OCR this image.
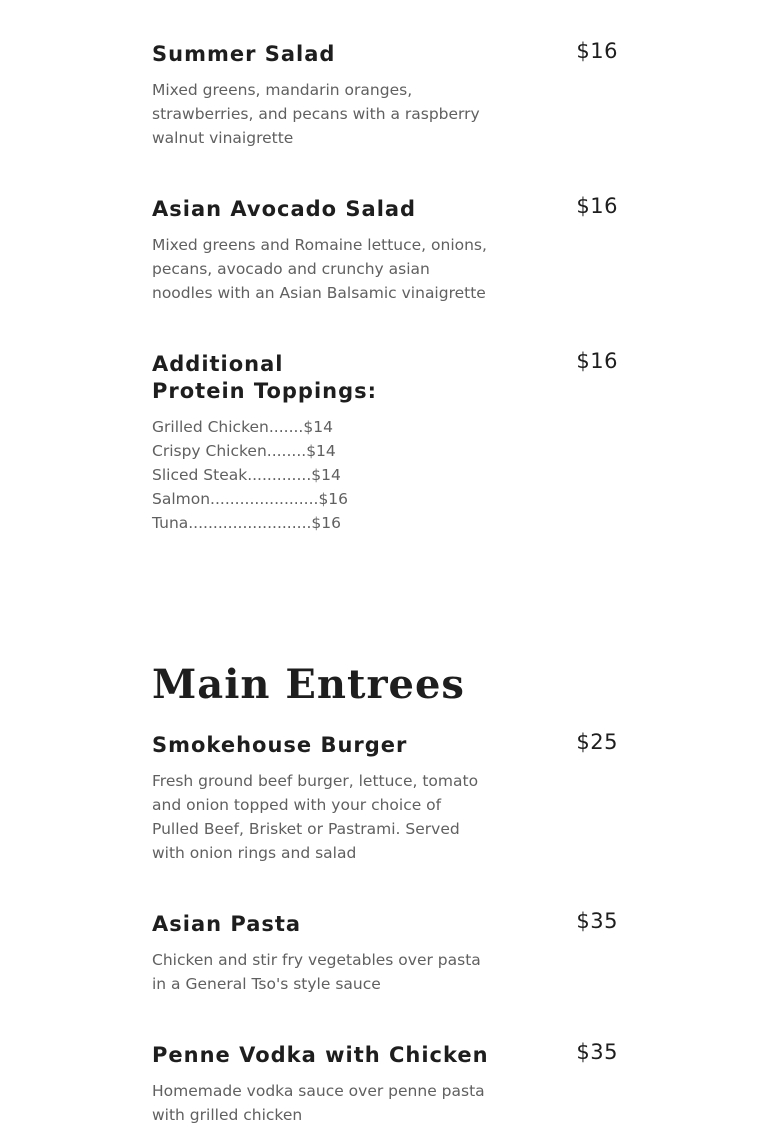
Summer Salad	$16
Mixed greens, mandarin oranges, strawberries, and pecans with a raspberry walnut vinaigrette
Asian Avocado Salad	$16
Mixed greens and Romaine lettuce, onions, pecans, avocado and crunchy asian noodles with an Asian Balsamic vinaigrette
Additional Protein Toppings:
$16
Grilled Chicken.......$14
Crispy Chicken........$14
Sliced Steak.............$14
Salmon......................$16
Tuna.........................$16
Main Entrees
Smokehouse Burger	$25
Fresh ground beef burger, lettuce, tomato and onion topped with your choice of Pulled Beef, Brisket or Pastrami. Served with onion rings and salad
Asian Pasta	$35
Chicken and stir fry vegetables over pasta in a General Tso's style sauce
Penne Vodka with Chicken	$35
Homemade vodka sauce over penne pasta with grilled chicken
